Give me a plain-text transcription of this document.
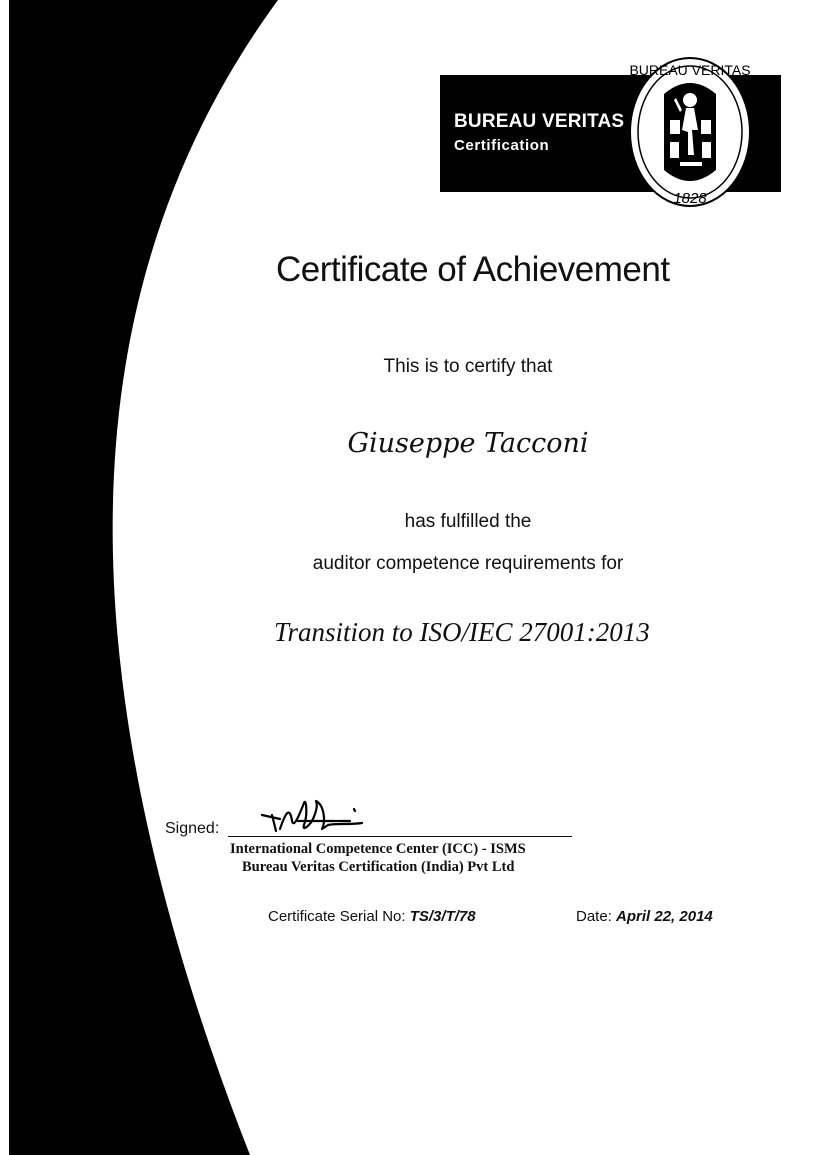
BUREAU VERITAS
Certification
BUREAU VERITAS
1828
Certificate of Achievement
This is to certify that
Giuseppe Tacconi
has fulfilled the
auditor competence requirements for
Transition to ISO/IEC 27001:2013
Signed:
International Competence Center (ICC) - ISMS
Bureau Veritas Certification (India) Pvt Ltd
Certificate Serial No: TS/3/T/78	Date: April 22, 2014
